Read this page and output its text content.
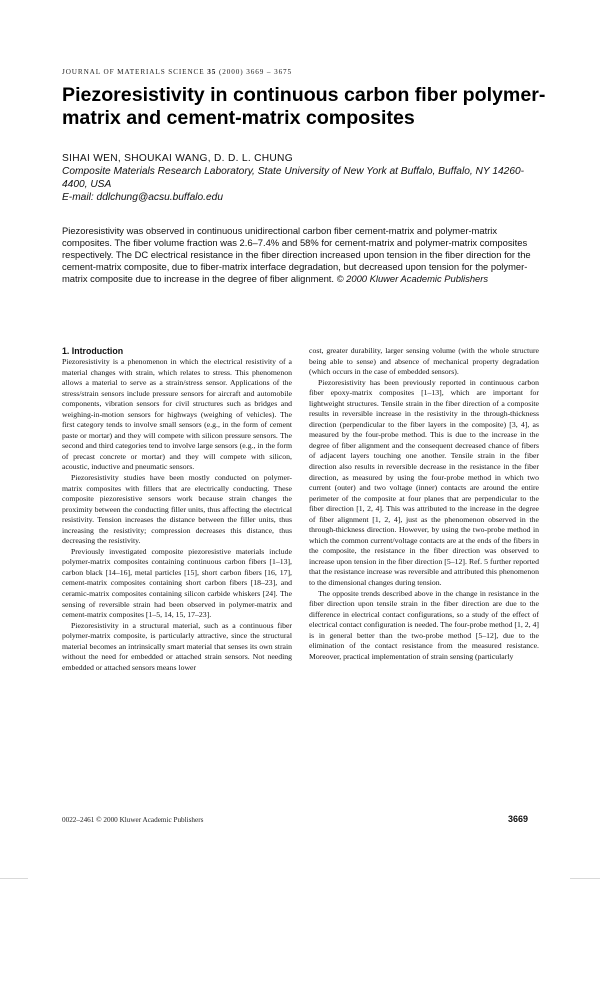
JOURNAL OF MATERIALS SCIENCE 35 (2000) 3669 – 3675
Piezoresistivity in continuous carbon fiber polymer-matrix and cement-matrix composites
SIHAI WEN, SHOUKAI WANG, D. D. L. CHUNG
Composite Materials Research Laboratory, State University of New York at Buffalo, Buffalo, NY 14260-4400, USA
E-mail: ddlchung@acsu.buffalo.edu

Piezoresistivity was observed in continuous unidirectional carbon fiber cement-matrix and polymer-matrix composites. The fiber volume fraction was 2.6–7.4% and 58% for cement-matrix and polymer-matrix composites respectively. The DC electrical resistance in the fiber direction increased upon tension in the fiber direction for the cement-matrix composite, due to fiber-matrix interface degradation, but decreased upon tension for the polymer-matrix composite due to increase in the degree of fiber alignment. © 2000 Kluwer Academic Publishers

1. Introduction

Piezoresistivity is a phenomenon in which the electrical resistivity of a material changes with strain, which relates to stress. This phenomenon allows a material to serve as a strain/stress sensor. Applications of the stress/strain sensors include pressure sensors for aircraft and automobile components, vibration sensors for civil structures such as bridges and weighing-in-motion sensors for highways (weighing of vehicles). The first category tends to involve small sensors (e.g., in the form of cement paste or mortar) and they will compete with silicon pressure sensors. The second and third categories tend to involve large sensors (e.g., in the form of precast concrete or mortar) and they will compete with silicon, acoustic, inductive and pneumatic sensors.

Piezoresistivity studies have been mostly conducted on polymer-matrix composites with fillers that are electrically conducting. These composite piezoresistive sensors work because strain changes the proximity between the conducting filler units, thus affecting the electrical resistivity. Tension increases the distance between the filler units, thus increasing the resistivity; compression decreases this distance, thus decreasing the resistivity.

Previously investigated composite piezoresistive materials include polymer-matrix composites containing continuous carbon fibers [1–13], carbon black [14–16], metal particles [15], short carbon fibers [16, 17], cement-matrix composites containing short carbon fibers [18–23], and ceramic-matrix composites containing silicon carbide whiskers [24]. The sensing of reversible strain had been observed in polymer-matrix and cement-matrix composites [1–5, 14, 15, 17–23].

Piezoresistivity in a structural material, such as a continuous fiber polymer-matrix composite, is particularly attractive, since the structural material becomes an intrinsically smart material that senses its own strain without the need for embedded or attached strain sensors. Not needing embedded or attached sensors means lower

cost, greater durability, larger sensing volume (with the whole structure being able to sense) and absence of mechanical property degradation (which occurs in the case of embedded sensors).

Piezoresistivity has been previously reported in continuous carbon fiber epoxy-matrix composites [1–13], which are important for lightweight structures. Tensile strain in the fiber direction of a composite results in reversible increase in the resistivity in the through-thickness direction (perpendicular to the fiber layers in the composite) [3, 4], as measured by the four-probe method. This is due to the increase in the degree of fiber alignment and the consequent decreased chance of fibers of adjacent layers touching one another. Tensile strain in the fiber direction also results in reversible decrease in the resistance in the fiber direction, as measured by using the four-probe method in which two current (outer) and two voltage (inner) contacts are around the entire perimeter of the composite at four planes that are perpendicular to the fiber direction [1, 2, 4]. This was attributed to the increase in the degree of fiber alignment [1, 2, 4], just as the phenomenon observed in the through-thickness direction. However, by using the two-probe method in which the common current/voltage contacts are at the ends of the fibers in the composite, the resistance in the fiber direction was observed to increase upon tension in the fiber direction [5–12]. Ref. 5 further reported that the resistance increase was reversible and attributed this phenomenon to the dimensional changes during tension.

The opposite trends described above in the change in resistance in the fiber direction upon tensile strain in the fiber direction are due to the difference in electrical contact configurations, so a study of the effect of electrical contact configuration is needed. The four-probe method [1, 2, 4] is in general better than the two-probe method [5–12], due to the elimination of the contact resistance from the measured resistance. Moreover, practical implementation of strain sensing (particularly

0022–2461 © 2000 Kluwer Academic Publishers	3669
